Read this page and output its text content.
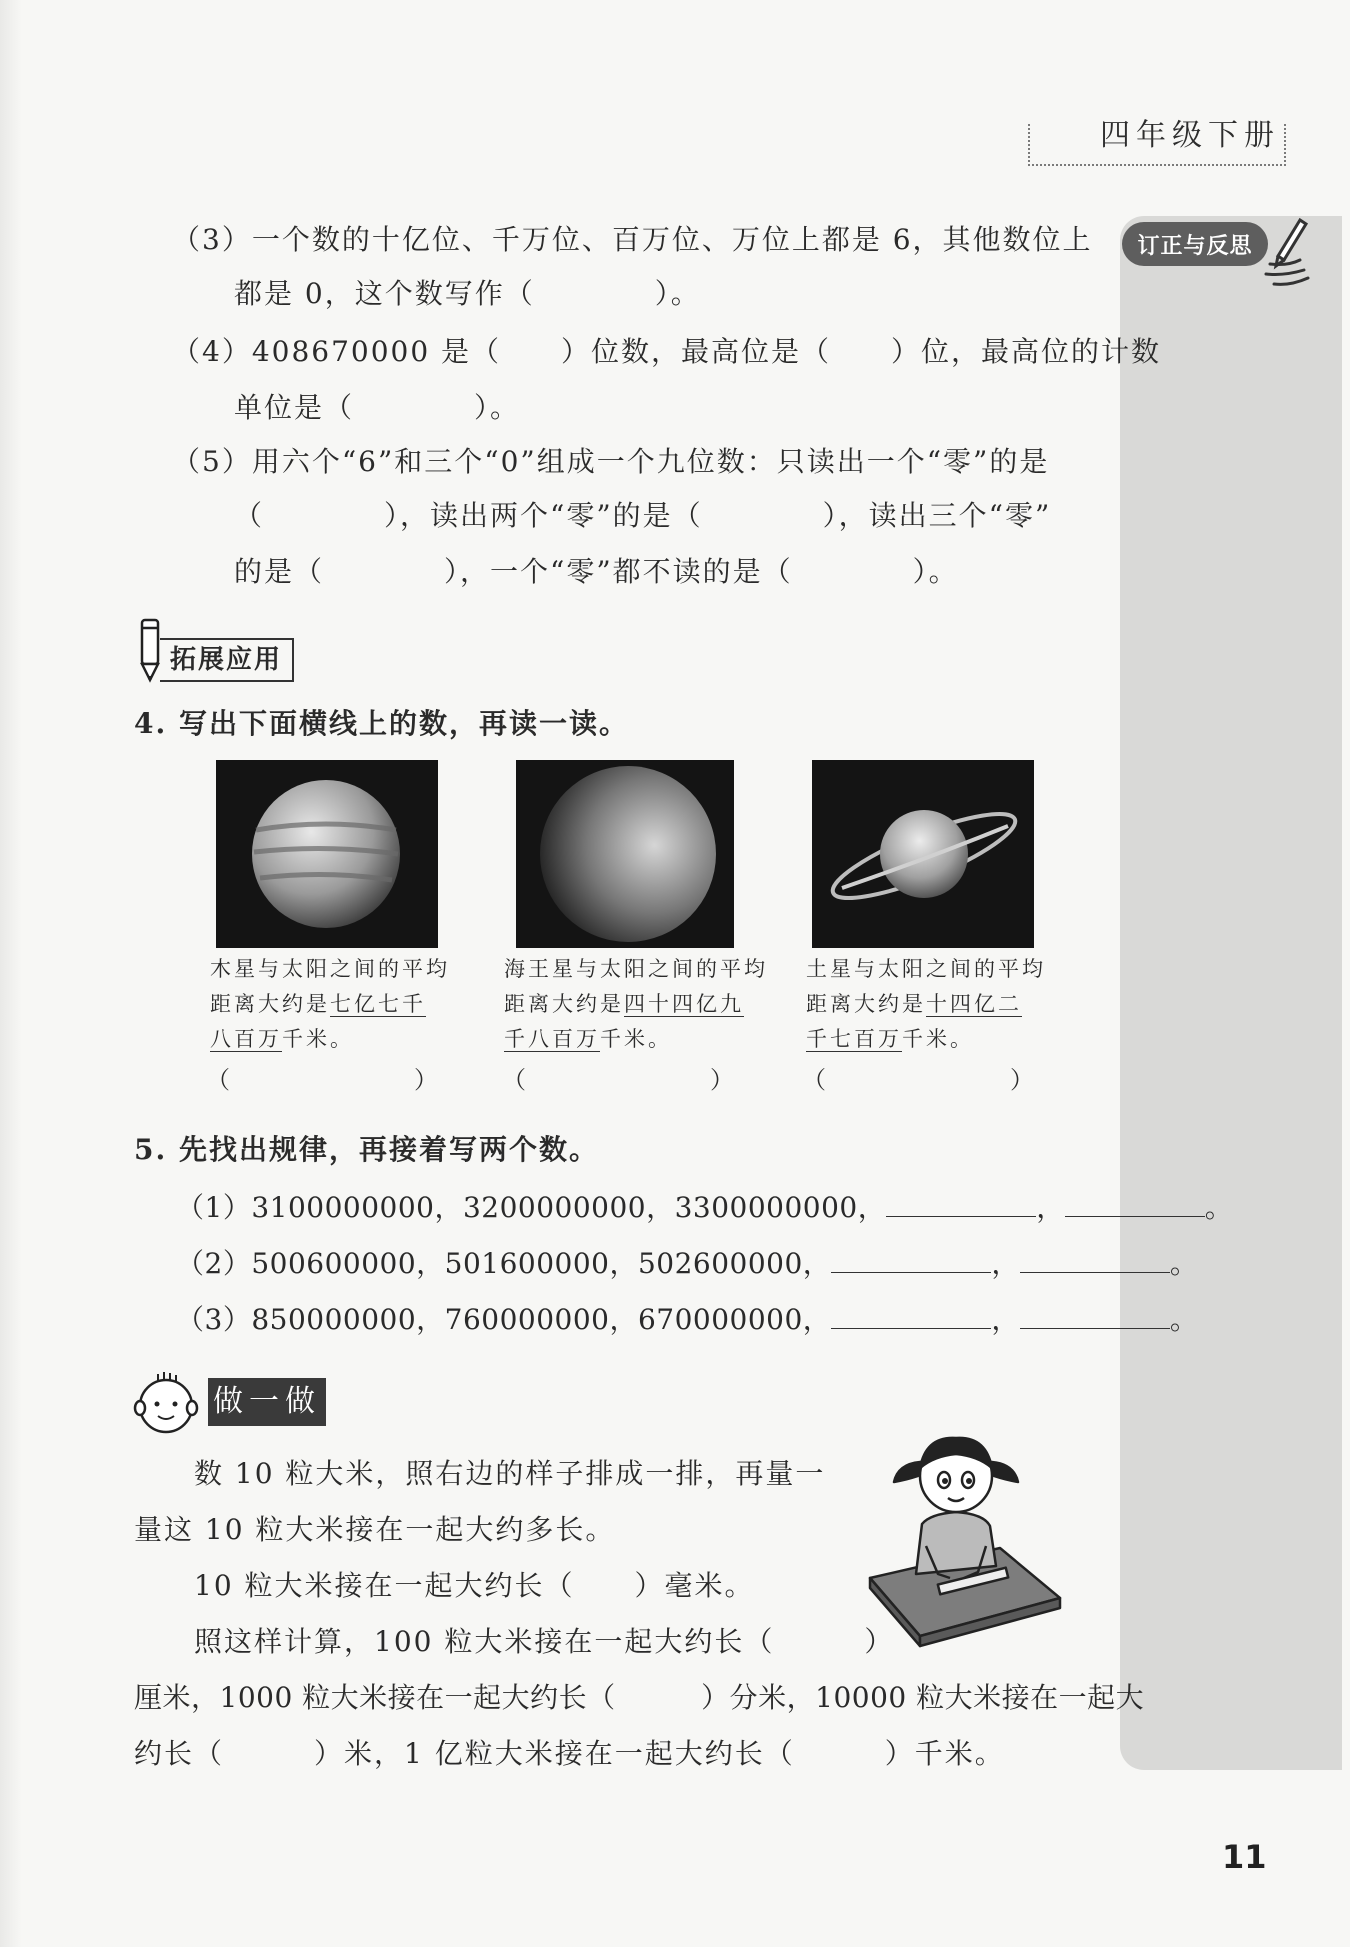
四年级下册
订正与反思
（3）一个数的十亿位、千万位、百万位、万位上都是 6，其他数位上
都是 0，这个数写作（　　　　）。
（4）408670000 是（　　）位数，最高位是（　　）位，最高位的计数
单位是（　　　　）。
（5）用六个“6”和三个“0”组成一个九位数：只读出一个“零”的是
（　　　　），读出两个“零”的是（　　　　），读出三个“零”
的是（　　　　），一个“零”都不读的是（　　　　）。
拓展应用
4. 写出下面横线上的数，再读一读。
木星与太阳之间的平均
距离大约是七亿七千
八百万千米。
（　　　　　　　）
海王星与太阳之间的平均
距离大约是四十四亿九
千八百万千米。
（　　　　　　　）
土星与太阳之间的平均
距离大约是十四亿二
千七百万千米。
（　　　　　　　）
5. 先找出规律，再接着写两个数。
（1）3100000000，3200000000，3300000000，	，	。
（2）500600000，501600000，502600000，	，	。
（3）850000000，760000000，670000000，	，	。
做一做
　数 10 粒大米，照右边的样子排成一排，再量一
量这 10 粒大米接在一起大约多长。
　10 粒大米接在一起大约长（　　）毫米。
　照这样计算，100 粒大米接在一起大约长（　　　）
厘米，1000 粒大米接在一起大约长（　　　）分米，10000 粒大米接在一起大
约长（　　　）米，1 亿粒大米接在一起大约长（　　　）千米。
11
